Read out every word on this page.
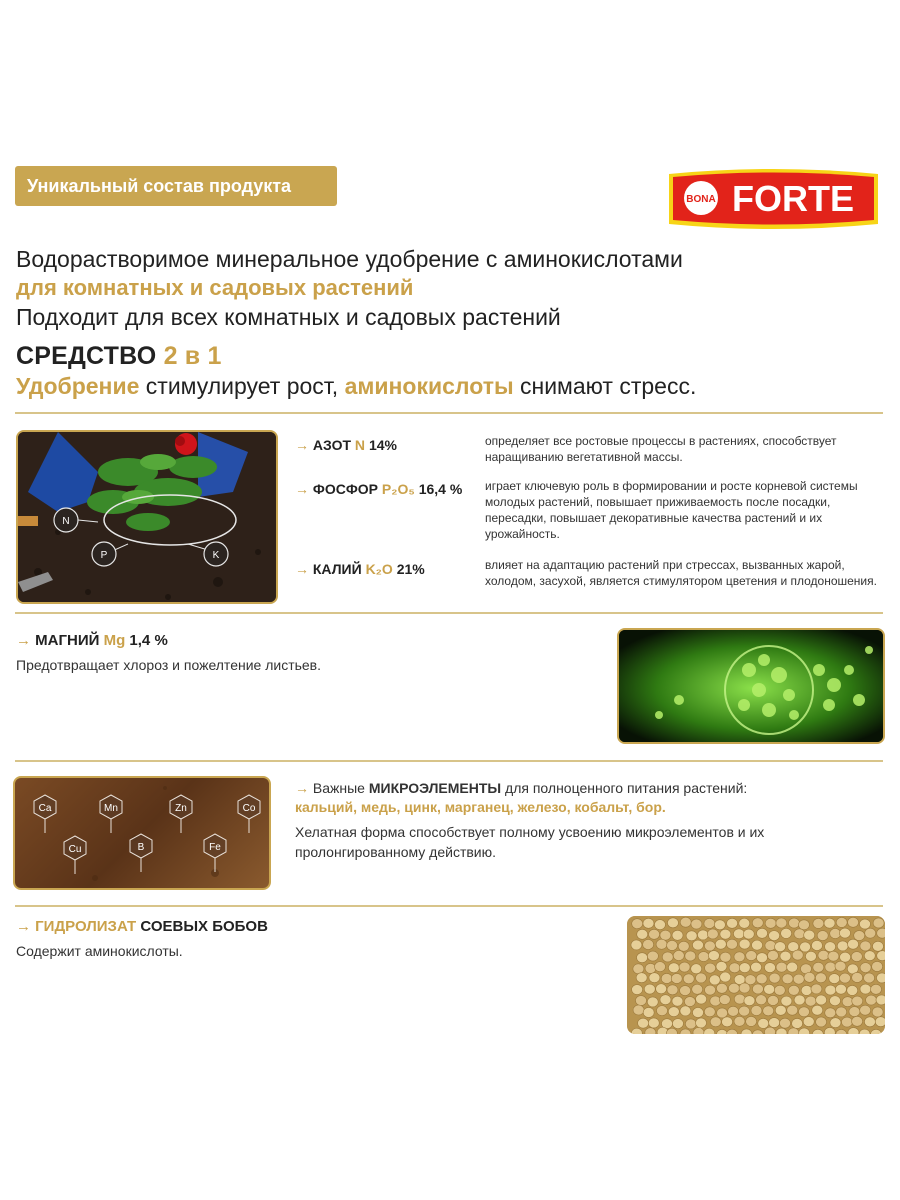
Уникальный состав продукта
BONA FORTE
Водорастворимое минеральное удобрение с аминокислотами
для комнатных и садовых растений
Подходит для всех комнатных и садовых растений
СРЕДСТВО 2 в 1
Удобрение стимулирует рост, аминокислоты снимают стресс.
N
P	K
→ АЗОТ N 14%	определяет все ростовые процессы в растениях, способствует наращиванию вегетативной массы.
→ ФОСФОР P₂O₅ 16,4 % играет ключевую роль в формировании и росте корневой системы молодых растений, повышает приживаемость после посадки, пересадки, повышает декоративные качества растений и их урожайность.
→ КАЛИЙ K₂O 21%	влияет на адаптацию растений при стрессах, вызванных жарой, холодом, засухой, является стимулятором цветения и плодоношения.
→ МАГНИЙ Mg 1,4 %
Предотвращает хлороз и пожелтение листьев.
Ca	Mn	Zn	Co
Cu	B	Fe
→ Важные МИКРОЭЛЕМЕНТЫ для полноценного питания растений:
кальций, медь, цинк, марганец, железо, кобальт, бор.
Хелатная форма способствует полному усвоению микроэлементов и их пролонгированному действию.
→ ГИДРОЛИЗАТ СОЕВЫХ БОБОВ
Содержит аминокислоты.
